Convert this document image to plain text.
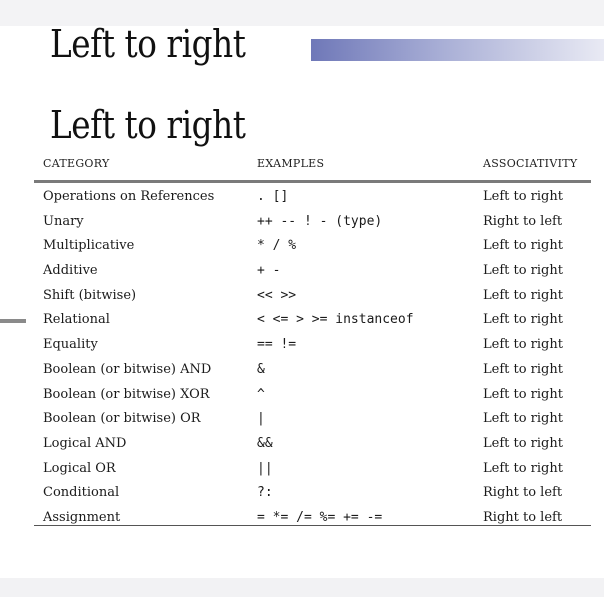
Left to right
Left to right
CATEGORY	EXAMPLES	ASSOCIATIVITY
Operations on References	. []	Left to right
Unary	++ -- ! - (type)	Right to left
Multiplicative	* / %	Left to right
Additive	+ -	Left to right
Shift (bitwise)	<< >>	Left to right
Relational	< <= > >= instanceof	Left to right
Equality	== !=	Left to right
Boolean (or bitwise) AND	&	Left to right
Boolean (or bitwise) XOR	^	Left to right
Boolean (or bitwise) OR	|	Left to right
Logical AND	&&	Left to right
Logical OR	||	Left to right
Conditional	?:	Right to left
Assignment	= *= /= %= += -=	Right to left
